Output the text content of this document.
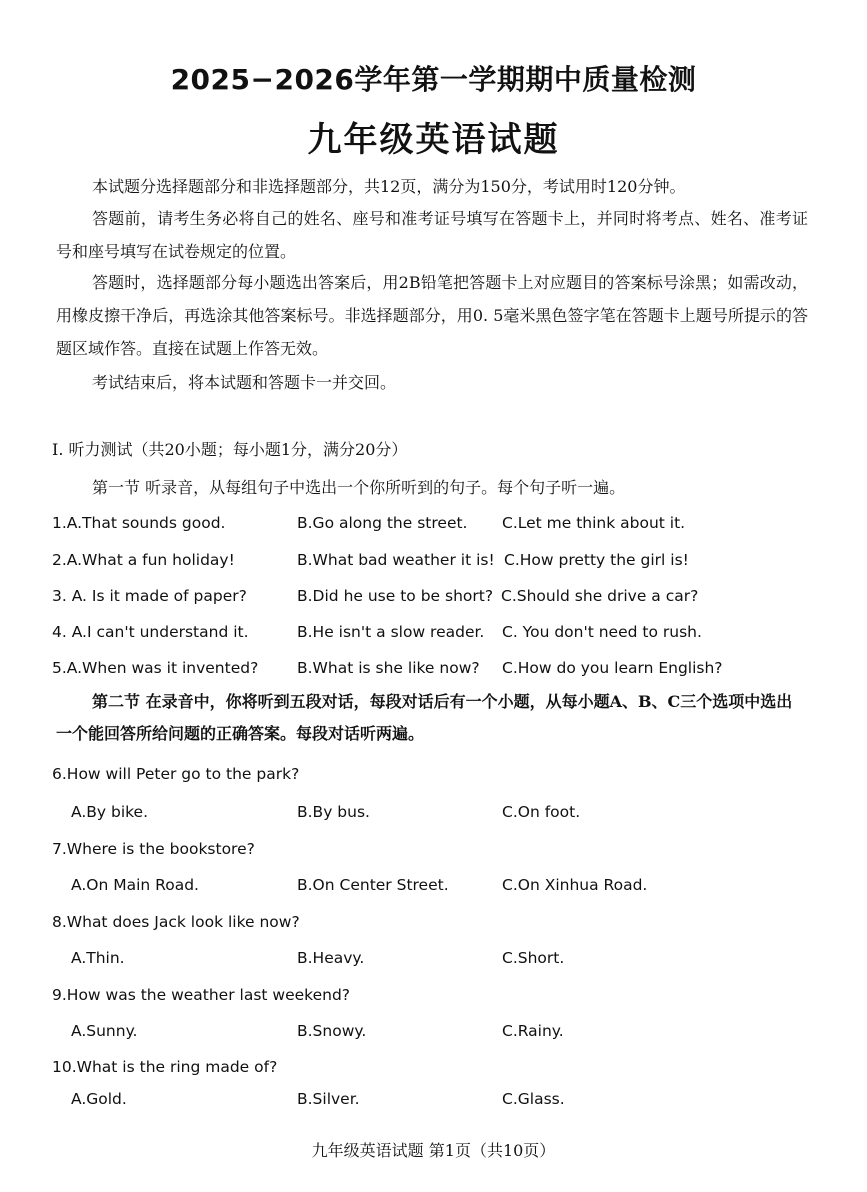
2025−2026学年第一学期期中质量检测
九年级英语试题
本试题分选择题部分和非选择题部分，共12页，满分为150分，考试用时120分钟。
答题前，请考生务必将自己的姓名、座号和准考证号填写在答题卡上，并同时将考点、姓名、准考证号和座号填写在试卷规定的位置。
答题时，选择题部分每小题选出答案后，用2B铅笔把答题卡上对应题目的答案标号涂黑；如需改动，用橡皮擦干净后，再选涂其他答案标号。非选择题部分，用0. 5毫米黑色签字笔在答题卡上题号所提示的答题区域作答。直接在试题上作答无效。
考试结束后，将本试题和答题卡一并交回。
I. 听力测试（共20小题；每小题1分，满分20分）
第一节 听录音，从每组句子中选出一个你所听到的句子。每个句子听一遍。
1.A.That sounds good.	B.Go along the street. C.Let me think about it.
2.A.What a fun holiday!	B.What bad weather it is! C.How pretty the girl is!
3. A. Is it made of paper?	B.Did he use to be short? C.Should she drive a car?
4. A.I can't understand it.	B.He isn't a slow reader. C. You don't need to rush.
5.A.When was it invented? B.What is she like now? C.How do you learn English?
第二节 在录音中，你将听到五段对话，每段对话后有一个小题，从每小题A、B、C三个选项中选出一个能回答所给问题的正确答案。每段对话听两遍。
6.How will Peter go to the park?
A.By bike.	B.By bus.	C.On foot.
7.Where is the bookstore?
A.On Main Road.	B.On Center Street.	C.On Xinhua Road.
8.What does Jack look like now?
A.Thin.	B.Heavy.	C.Short.
9.How was the weather last weekend?
A.Sunny.	B.Snowy.	C.Rainy.
10.What is the ring made of?
A.Gold.	B.Silver.	C.Glass.
九年级英语试题 第1页（共10页）
